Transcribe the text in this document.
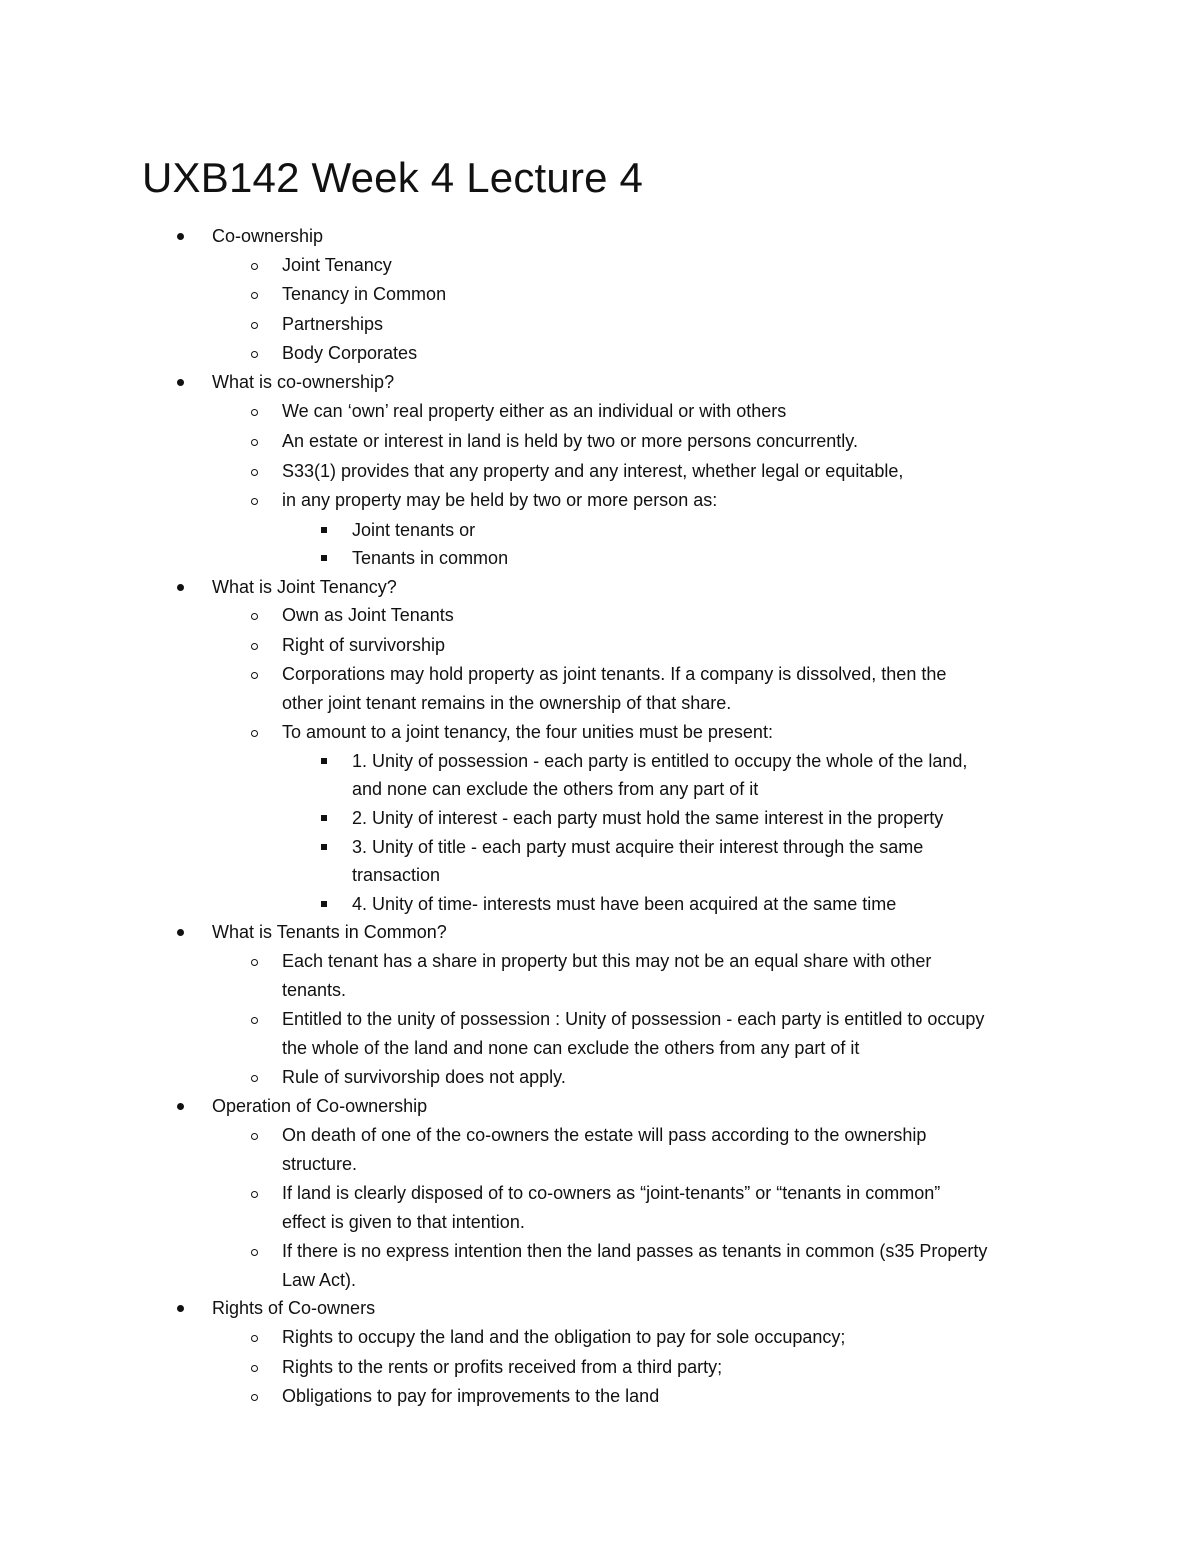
UXB142 Week 4 Lecture 4
Co-ownership
Joint Tenancy
Tenancy in Common
Partnerships
Body Corporates
What is co-ownership?
We can ‘own’ real property either as an individual or with others
An estate or interest in land is held by two or more persons concurrently.
S33(1) provides that any property and any interest, whether legal or equitable,
in any property may be held by two or more person as:
Joint tenants or
Tenants in common
What is Joint Tenancy?
Own as Joint Tenants
Right of survivorship
Corporations may hold property as joint tenants. If a company is dissolved, then the
other joint tenant remains in the ownership of that share.
To amount to a joint tenancy, the four unities must be present:
1. Unity of possession - each party is entitled to occupy the whole of the land,
and none can exclude the others from any part of it
2. Unity of interest - each party must hold the same interest in the property
3. Unity of title - each party must acquire their interest through the same
transaction
4. Unity of time- interests must have been acquired at the same time
What is Tenants in Common?
Each tenant has a share in property but this may not be an equal share with other
tenants.
Entitled to the unity of possession : Unity of possession - each party is entitled to occupy
the whole of the land and none can exclude the others from any part of it
Rule of survivorship does not apply.
Operation of Co-ownership
On death of one of the co-owners the estate will pass according to the ownership
structure.
If land is clearly disposed of to co-owners as “joint-tenants” or “tenants in common”
effect is given to that intention.
If there is no express intention then the land passes as tenants in common (s35 Property
Law Act).
Rights of Co-owners
Rights to occupy the land and the obligation to pay for sole occupancy;
Rights to the rents or profits received from a third party;
Obligations to pay for improvements to the land
